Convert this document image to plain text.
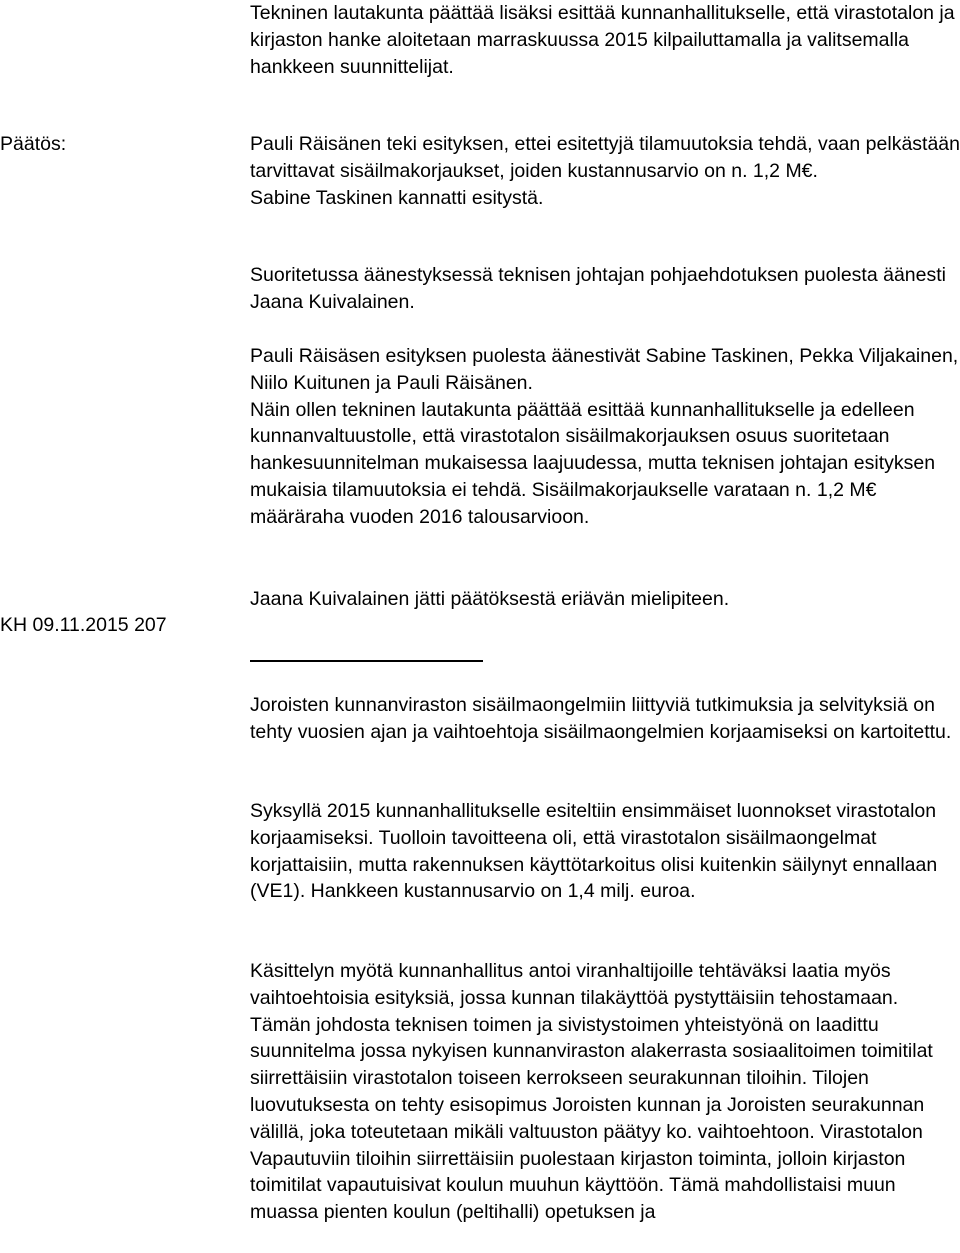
Tekninen lautakunta päättää lisäksi esittää kunnanhallitukselle, että virastotalon ja kirjaston hanke aloitetaan marraskuussa 2015 kilpailuttamalla ja valitsemalla hankkeen suunnittelijat.

Päätös:	Pauli Räisänen teki esityksen, ettei esitettyjä tilamuutoksia tehdä, vaan pelkästään tarvittavat sisäilmakorjaukset, joiden kustannusarvio on n. 1,2 M€.

Sabine Taskinen kannatti esitystä.

Suoritetussa äänestyksessä teknisen johtajan pohjaehdotuksen puolesta äänesti Jaana Kuivalainen.

Pauli Räisäsen esityksen puolesta äänestivät Sabine Taskinen, Pekka Viljakainen, Niilo Kuitunen ja Pauli Räisänen.

Näin ollen tekninen lautakunta päättää esittää kunnanhallitukselle ja edelleen kunnanvaltuustolle, että virastotalon sisäilmakorjauksen osuus suoritetaan hankesuunnitelman mukaisessa laajuudessa, mutta teknisen johtajan esityksen mukaisia tilamuutoksia ei tehdä. Sisäilmakorjaukselle varataan n. 1,2 M€ määräraha vuoden 2016 talousarvioon.

Jaana Kuivalainen jätti päätöksestä eriävän mielipiteen.

KH 09.11.2015 207

Joroisten kunnanviraston sisäilmaongelmiin liittyviä tutkimuksia ja selvityksiä on tehty vuosien ajan ja vaihtoehtoja sisäilmaongelmien korjaamiseksi on kartoitettu.

Syksyllä 2015 kunnanhallitukselle esiteltiin ensimmäiset luonnokset virastotalon korjaamiseksi. Tuolloin tavoitteena oli, että virastotalon sisäilmaongelmat korjattaisiin, mutta rakennuksen käyttötarkoitus olisi kuitenkin säilynyt ennallaan (VE1). Hankkeen kustannusarvio on 1,4 milj. euroa.

Käsittelyn myötä kunnanhallitus antoi viranhaltijoille tehtäväksi laatia myös vaihtoehtoisia esityksiä, jossa kunnan tilakäyttöä pystyttäisiin tehostamaan. Tämän johdosta teknisen toimen ja sivistystoimen yhteistyönä on laadittu suunnitelma jossa nykyisen kunnanviraston alakerrasta sosiaalitoimen toimitilat siirrettäisiin virastotalon toiseen kerrokseen seurakunnan tiloihin. Tilojen luovutuksesta on tehty esisopimus Joroisten kunnan ja Joroisten seurakunnan välillä, joka toteutetaan mikäli valtuuston päätyy ko. vaihtoehtoon. Virastotalon Vapautuviin tiloihin siirrettäisiin puolestaan kirjaston toiminta, jolloin kirjaston toimitilat vapautuisivat koulun muuhun käyttöön. Tämä mahdollistaisi muun muassa pienten koulun (peltihalli) opetuksen ja
